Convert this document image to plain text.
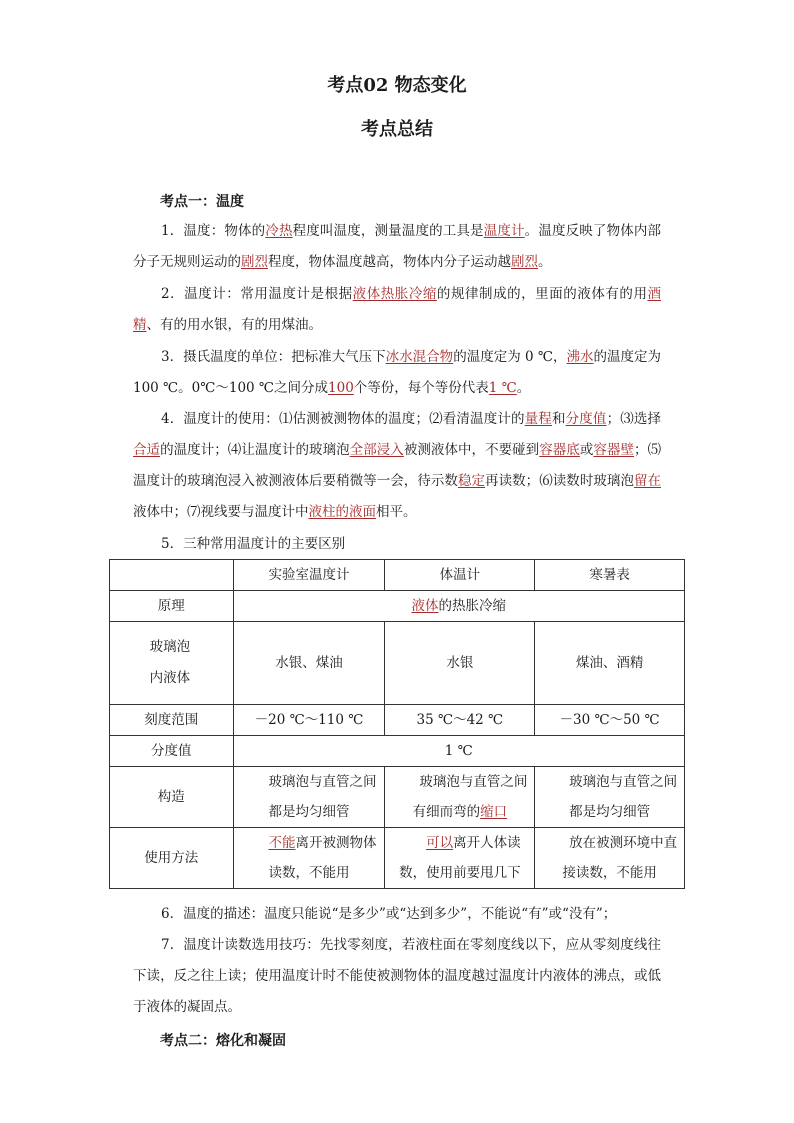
考点02 物态变化
考点总结
考点一：温度

1．温度：物体的冷热程度叫温度，测量温度的工具是温度计。温度反映了物体内部分子无规则运动的剧烈程度，物体温度越高，物体内分子运动越剧烈。

2．温度计：常用温度计是根据液体热胀冷缩的规律制成的，里面的液体有的用酒精、有的用水银，有的用煤油。

3．摄氏温度的单位：把标准大气压下冰水混合物的温度定为 0 ℃，沸水的温度定为 100 ℃。0℃～100 ℃之间分成100个等份，每个等份代表1 ℃。

4．温度计的使用：⑴估测被测物体的温度；⑵看清温度计的量程和分度值；⑶选择合适的温度计；⑷让温度计的玻璃泡全部浸入被测液体中，不要碰到容器底或容器壁；⑸温度计的玻璃泡浸入被测液体后要稍微等一会，待示数稳定再读数；⑹读数时玻璃泡留在液体中；⑺视线要与温度计中液柱的液面相平。

5．三种常用温度计的主要区别

	实验室温度计	体温计	寒暑表
原理	液体的热胀冷缩		

玻璃泡内液体	水银、煤油	水银	煤油、酒精
刻度范围	－20 ℃～110 ℃	35 ℃～42 ℃	－30 ℃～50 ℃
分度值	1 ℃		
构造	玻璃泡与直管之间都是均匀细管	玻璃泡与直管之间有细而弯的缩口	玻璃泡与直管之间都是均匀细管
使用方法	不能离开被测物体读数，不能用	可以离开人体读数，使用前要甩几下	放在被测环境中直接读数，不能用

6．温度的描述：温度只能说“是多少”或“达到多少”，不能说“有”或“没有”；

7．温度计读数选用技巧：先找零刻度，若液柱面在零刻度线以下，应从零刻度线往下读，反之往上读；使用温度计时不能使被测物体的温度越过温度计内液体的沸点，或低于液体的凝固点。

考点二：熔化和凝固
